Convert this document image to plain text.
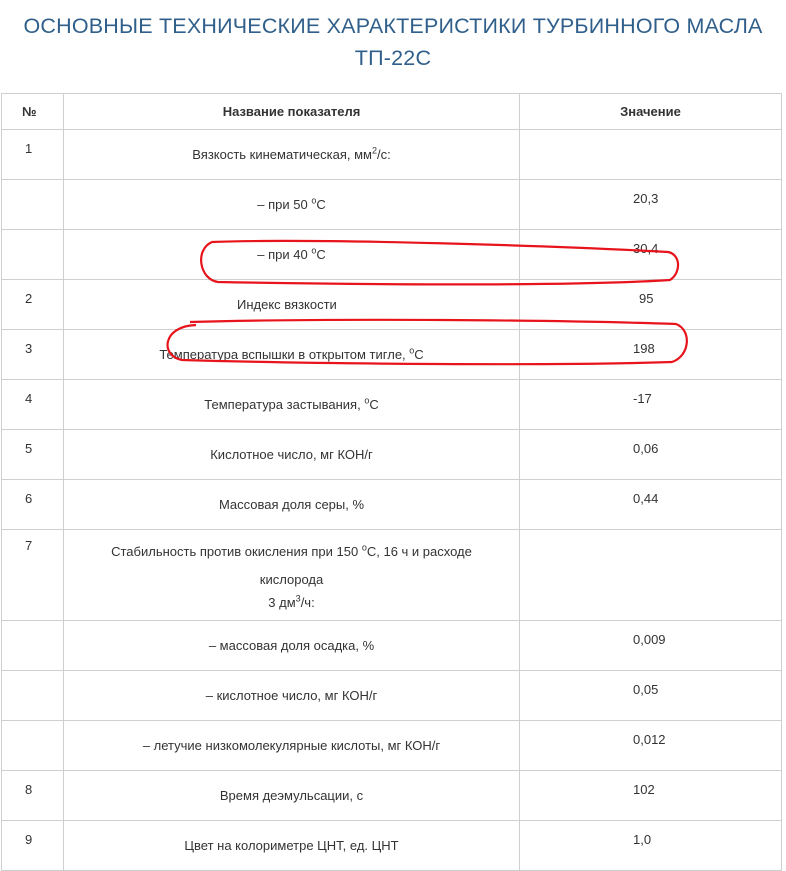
ОСНОВНЫЕ ТЕХНИЧЕСКИЕ ХАРАКТЕРИСТИКИ ТУРБИННОГО МАСЛА
ТП-22С
№	Название показателя	Значение
1	Вязкость кинематическая, $мм^2/с$:	
	– при 50 $^о$С	20,3
	– при 40 $^о$С	30,4
2	Индекс вязкости	95
3	Температура вспышки в открытом тигле, $^о$С	198
4	Температура застывания, $^о$С	-17
5	Кислотное число, мг КОН/г	0,06
6	Массовая доля серы, %	0,44
7	Стабильность против окисления при 150 $^о$С, 16 ч и расходе
кислорода
3 $дм^3/ч$:	

	– массовая доля осадка, %	0,009
	– кислотное число, мг КОН/г	0,05
	– летучие низкомолекулярные кислоты, мг КОН/г	0,012
8	Время деэмульсации, с	102
9	Цвет на колориметре ЦНТ, ед. ЦНТ	1,0
